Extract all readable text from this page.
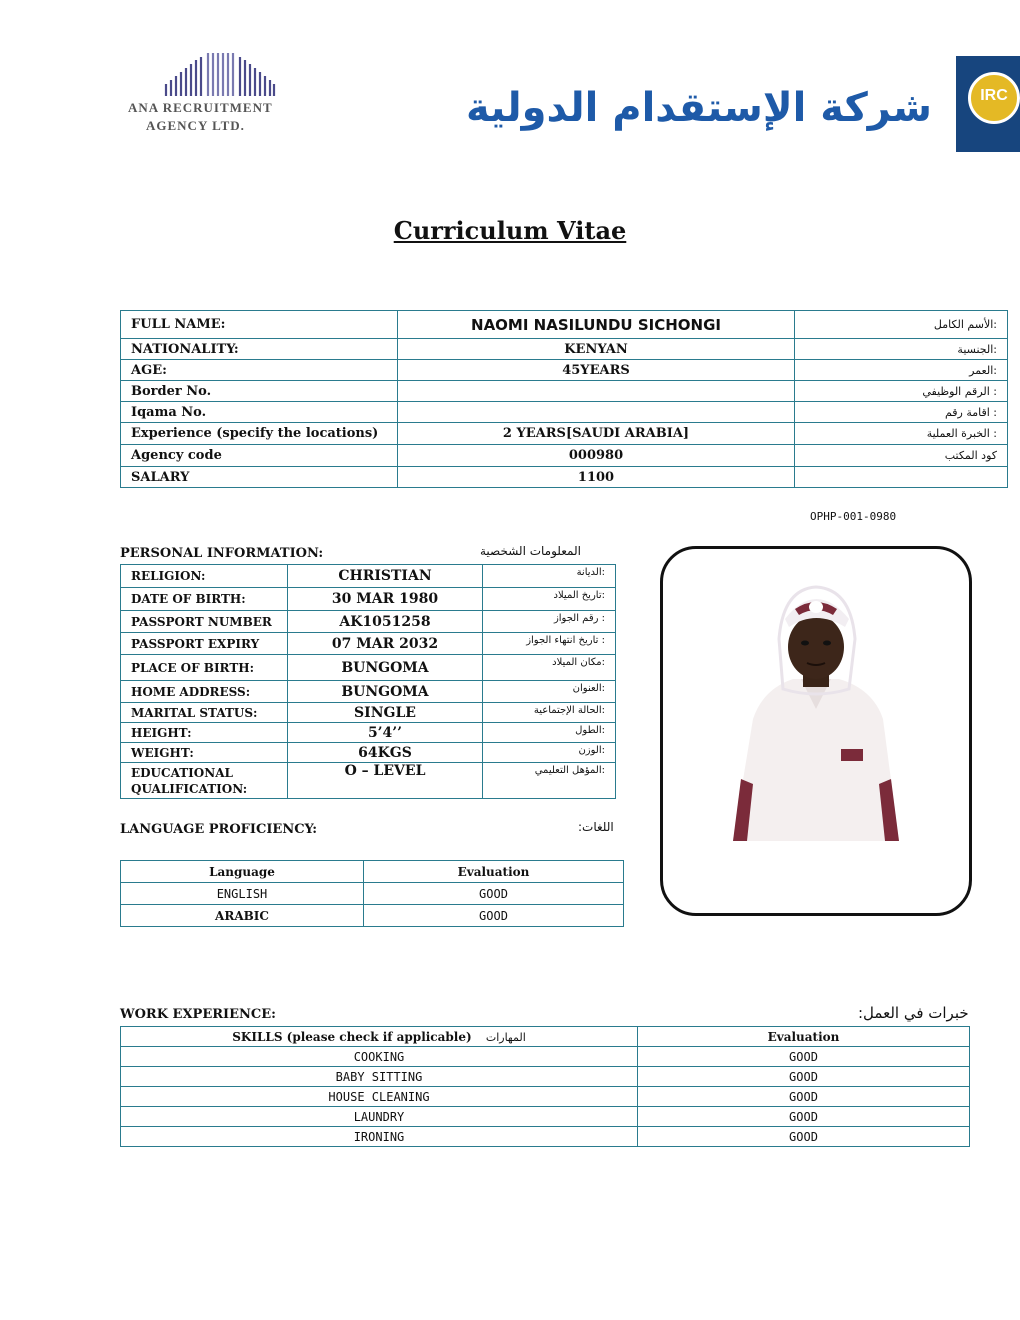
ANA RECRUITMENT
AGENCY LTD.	شركة الإستقدام الدولية	IRC
Curriculum Vitae
FULL NAME:	NAOMI NASILUNDU SICHONGI	الأسم الكامل:
NATIONALITY:	KENYAN	الجنسية:
AGE:	45YEARS	العمر:
Border No.		الرقم الوظيفي :
Iqama No.		اقامة رقم :
Experience (specify the locations)	2 YEARS[SAUDI ARABIA]	الخبرة العملية :
Agency code	000980	كود المكتب
SALARY	1100	
OPHP-001-0980
PERSONAL INFORMATION:	المعلومات الشخصية
RELIGION:	CHRISTIAN	الديانة:
DATE OF BIRTH:	30 MAR 1980	تاريخ الميلاد:
PASSPORT NUMBER	AK1051258	رقم الجواز :
PASSPORT EXPIRY	07 MAR 2032	تاريخ انتهاء الجواز :
PLACE OF BIRTH:	BUNGOMA	مكان الميلاد:
HOME ADDRESS:	BUNGOMA	العنوان:
MARITAL STATUS:	SINGLE	الحالة الإجتماعية:
HEIGHT:	5’4’’	الطول:
WEIGHT:	64KGS	الوزن:
EDUCATIONAL QUALIFICATION:	O – LEVEL	المؤهل التعليمي:
LANGUAGE PROFICIENCY:	اللغات:
Language	Evaluation
ENGLISH	GOOD
ARABIC	GOOD
WORK EXPERIENCE:	خبرات في العمل:
SKILLS (please check if applicable) المهارات	Evaluation
COOKING	GOOD
BABY SITTING	GOOD
HOUSE CLEANING	GOOD
LAUNDRY	GOOD
IRONING	GOOD
